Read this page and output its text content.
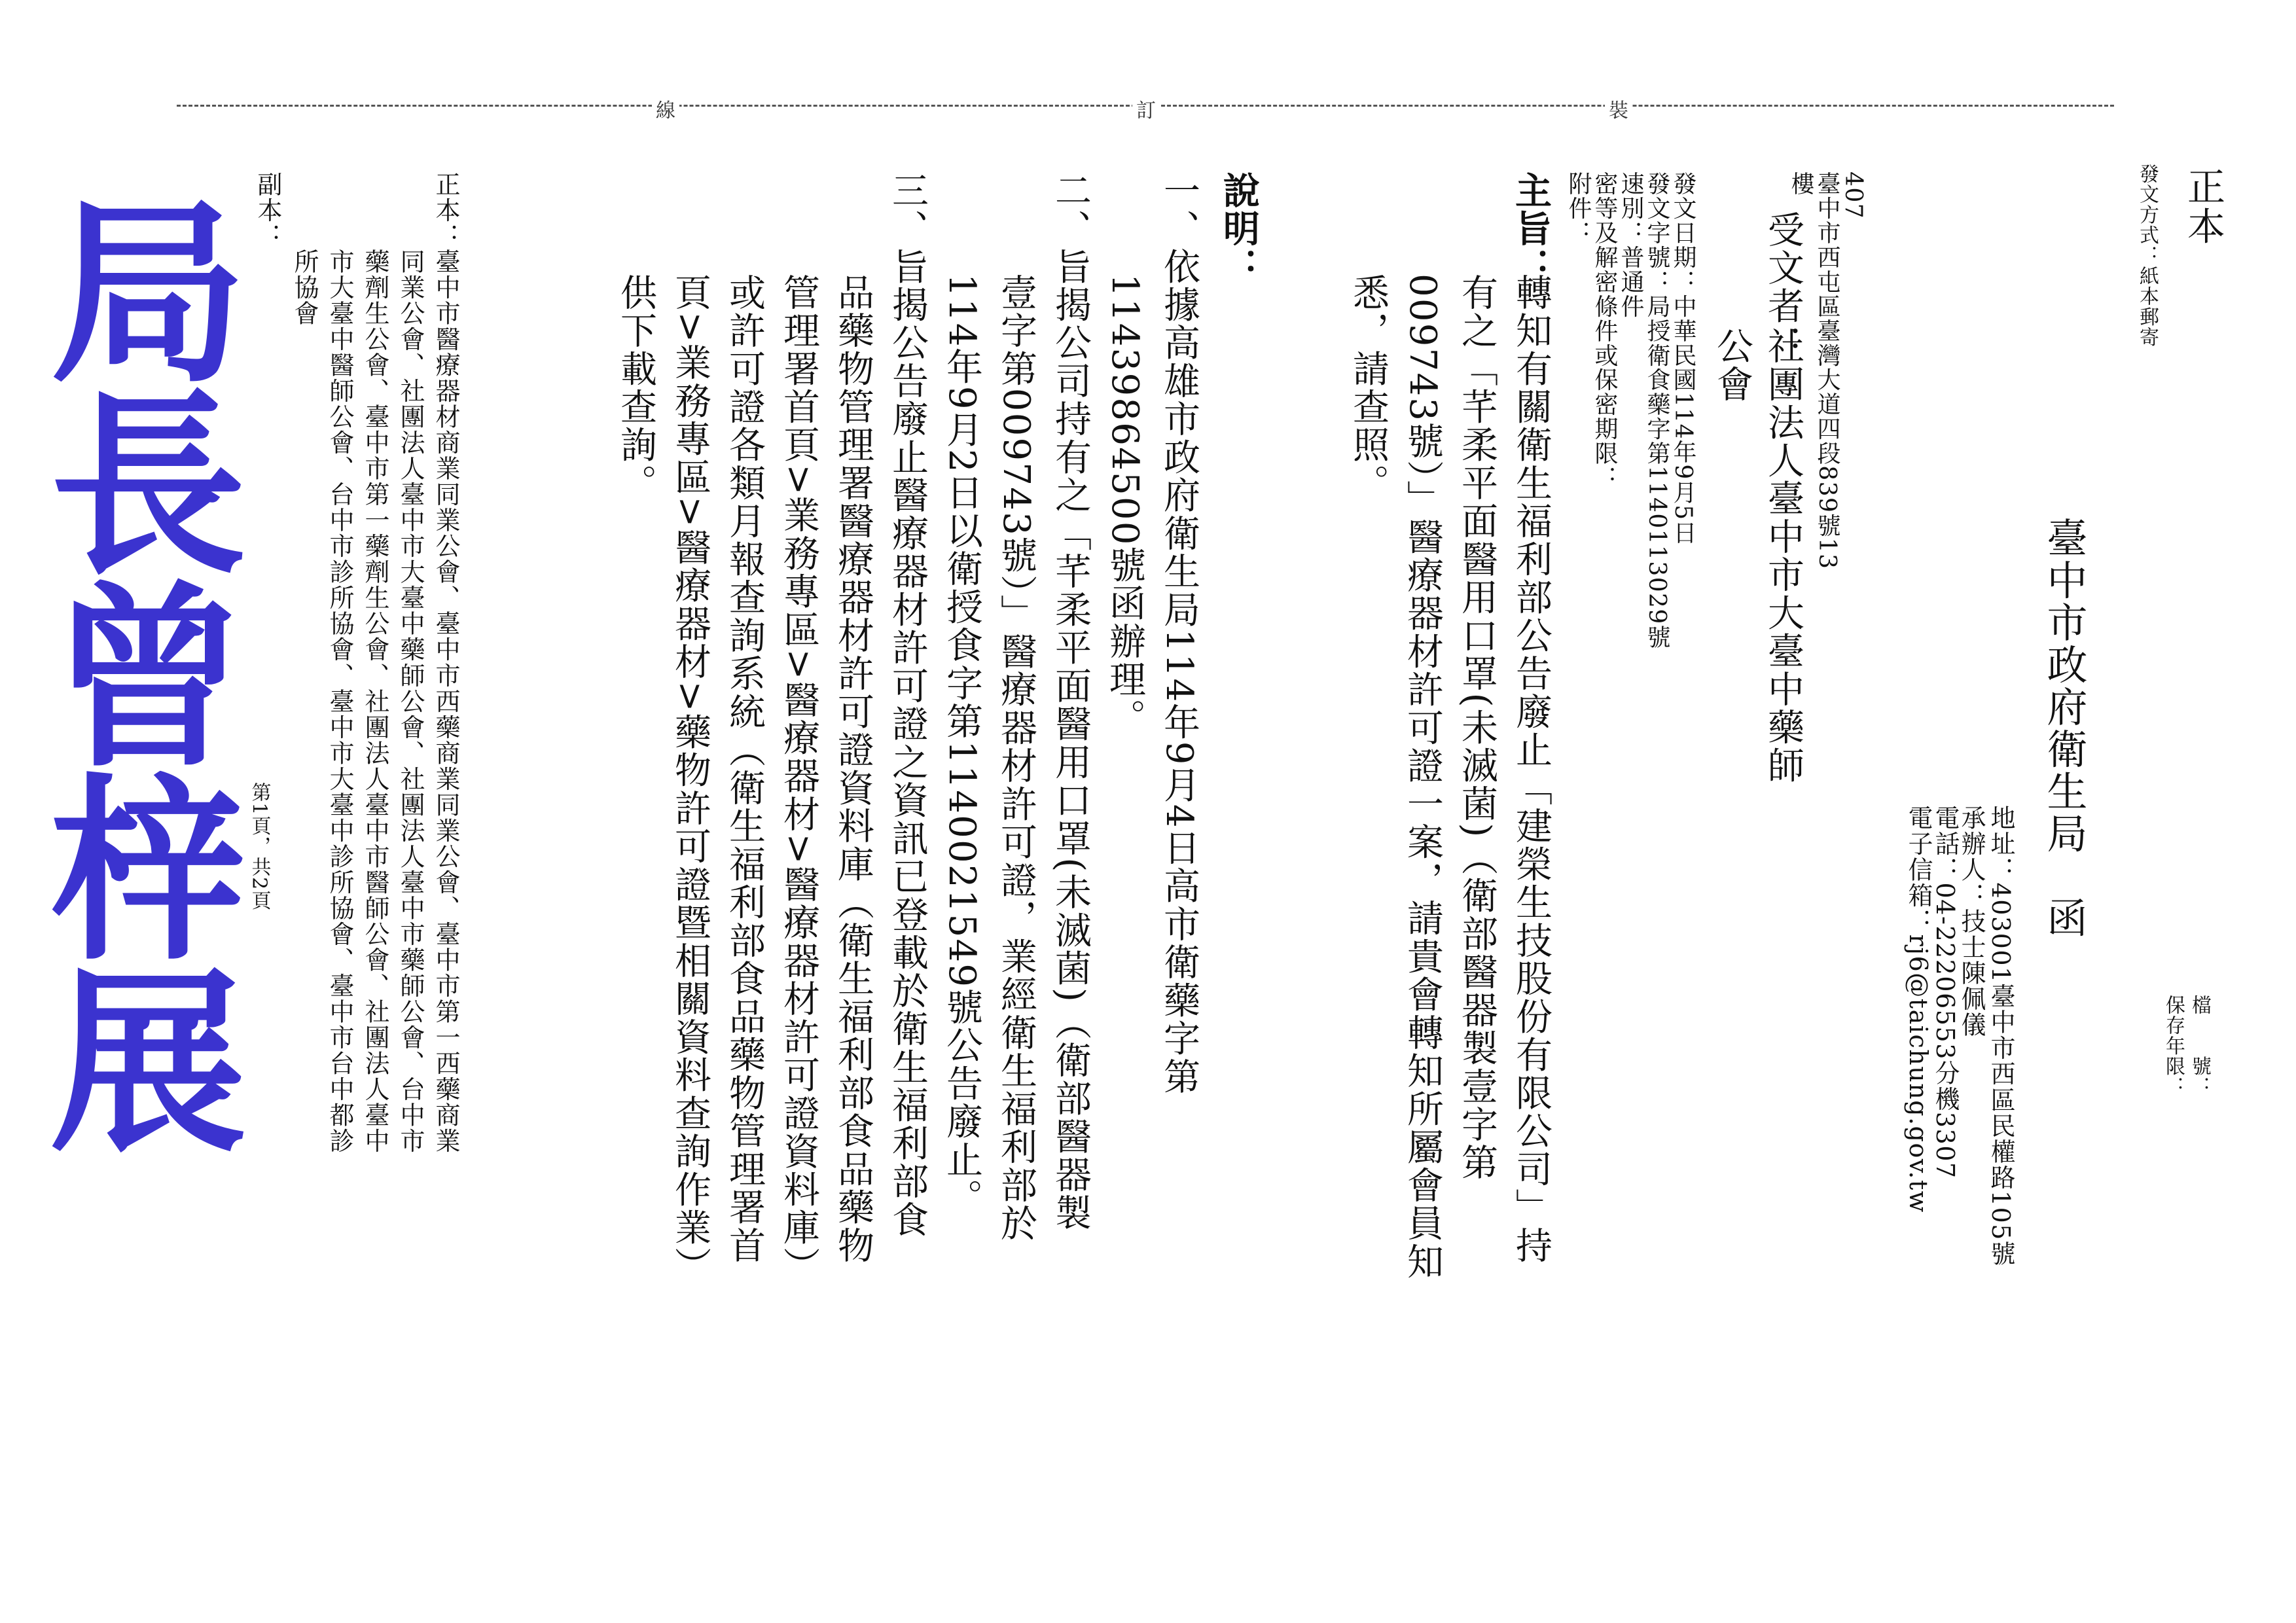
裝
訂
線
正本
發文方式：紙本郵寄
檔　　號：
保存年限：
臺中市政府衛生局　函
地址：403001臺中市西區民權路105號
承辦人：技士陳佩儀
電話：04-22206553分機3307
電子信箱：rj6@taichung.gov.tw
407
臺中市西屯區臺灣大道四段839號13
樓
受文者：
社團法人臺中市大臺中藥師
公會
發文日期：中華民國114年9月5日
發文字號：局授衛食藥字第1140113029號
速別：普通件
密等及解密條件或保密期限：
附件：
主旨：
轉知有關衛生福利部公告廢止「建榮生技股份有限公司」持
有之「芊柔平面醫用口罩(未滅菌)（衛部醫器製壹字第
009743號）」醫療器材許可證一案，請貴會轉知所屬會員知
悉，請查照。
說明：
一、依據高雄市政府衛生局114年9月4日高市衛藥字第
11439864500號函辦理。
二、旨揭公司持有之「芊柔平面醫用口罩(未滅菌)（衛部醫器製
壹字第009743號）」醫療器材許可證，業經衛生福利部於
114年9月2日以衛授食字第1140021549號公告廢止。
三、旨揭公告廢止醫療器材許可證之資訊已登載於衛生福利部食
品藥物管理署醫療器材許可證資料庫（衛生福利部食品藥物
管理署首頁>業務專區>醫療器材>醫療器材許可證資料庫）
或許可證各類月報查詢系統（衛生福利部食品藥物管理署首
頁>業務專區>醫療器材>藥物許可證暨相關資料查詢作業）
供下載查詢。
正本：
臺中市醫療器材商業同業公會、臺中市西藥商業同業公會、臺中市第一西藥商業
同業公會、社團法人臺中市大臺中藥師公會、社團法人臺中市藥師公會、台中市
藥劑生公會、臺中市第一藥劑生公會、社團法人臺中市醫師公會、社團法人臺中
市大臺中醫師公會、台中市診所協會、臺中市大臺中診所協會、臺中市台中都診
所協會
副本：
局長曾梓展 第1頁，共2頁
